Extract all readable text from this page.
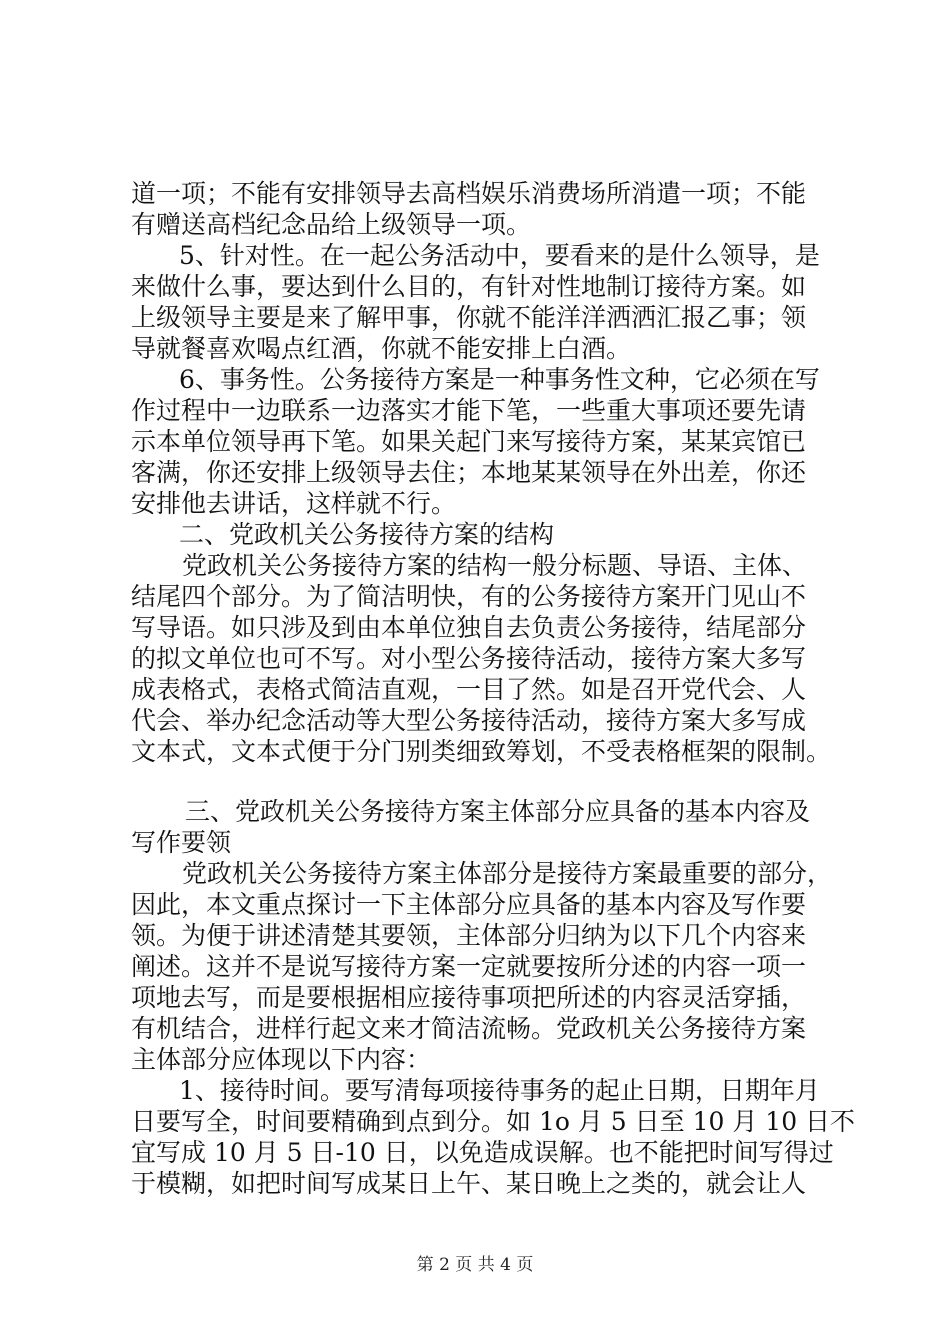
道一项；不能有安排领导去高档娱乐消费场所消遣一项；不能
有赠送高档纪念品给上级领导一项。
5、针对性。在一起公务活动中，要看来的是什么领导，是
来做什么事，要达到什么目的，有针对性地制订接待方案。如
上级领导主要是来了解甲事，你就不能洋洋洒洒汇报乙事；领
导就餐喜欢喝点红酒，你就不能安排上白酒。
6、事务性。公务接待方案是一种事务性文种，它必须在写
作过程中一边联系一边落实才能下笔，一些重大事项还要先请
示本单位领导再下笔。如果关起门来写接待方案，某某宾馆已
客满，你还安排上级领导去住；本地某某领导在外出差，你还
安排他去讲话，这样就不行。
二、党政机关公务接待方案的结构
党政机关公务接待方案的结构一般分标题、导语、主体、
结尾四个部分。为了简洁明快，有的公务接待方案开门见山不
写导语。如只涉及到由本单位独自去负责公务接待，结尾部分
的拟文单位也可不写。对小型公务接待活动，接待方案大多写
成表格式，表格式简洁直观，一目了然。如是召开党代会、人
代会、举办纪念活动等大型公务接待活动，接待方案大多写成
文本式，文本式便于分门别类细致筹划，不受表格框架的限制。
三、党政机关公务接待方案主体部分应具备的基本内容及
写作要领
党政机关公务接待方案主体部分是接待方案最重要的部分，
因此，本文重点探讨一下主体部分应具备的基本内容及写作要
领。为便于讲述清楚其要领，主体部分归纳为以下几个内容来
阐述。这并不是说写接待方案一定就要按所分述的内容一项一
项地去写，而是要根据相应接待事项把所述的内容灵活穿插，
有机结合，进样行起文来才简洁流畅。党政机关公务接待方案
主体部分应体现以下内容：
1、接待时间。要写清每项接待事务的起止日期，日期年月
日要写全，时间要精确到点到分。如 1o 月 5 日至 10 月 10 日不
宜写成 10 月 5 日-10 日，以免造成误解。也不能把时间写得过
于模糊，如把时间写成某日上午、某日晚上之类的，就会让人
第 2 页 共 4 页
